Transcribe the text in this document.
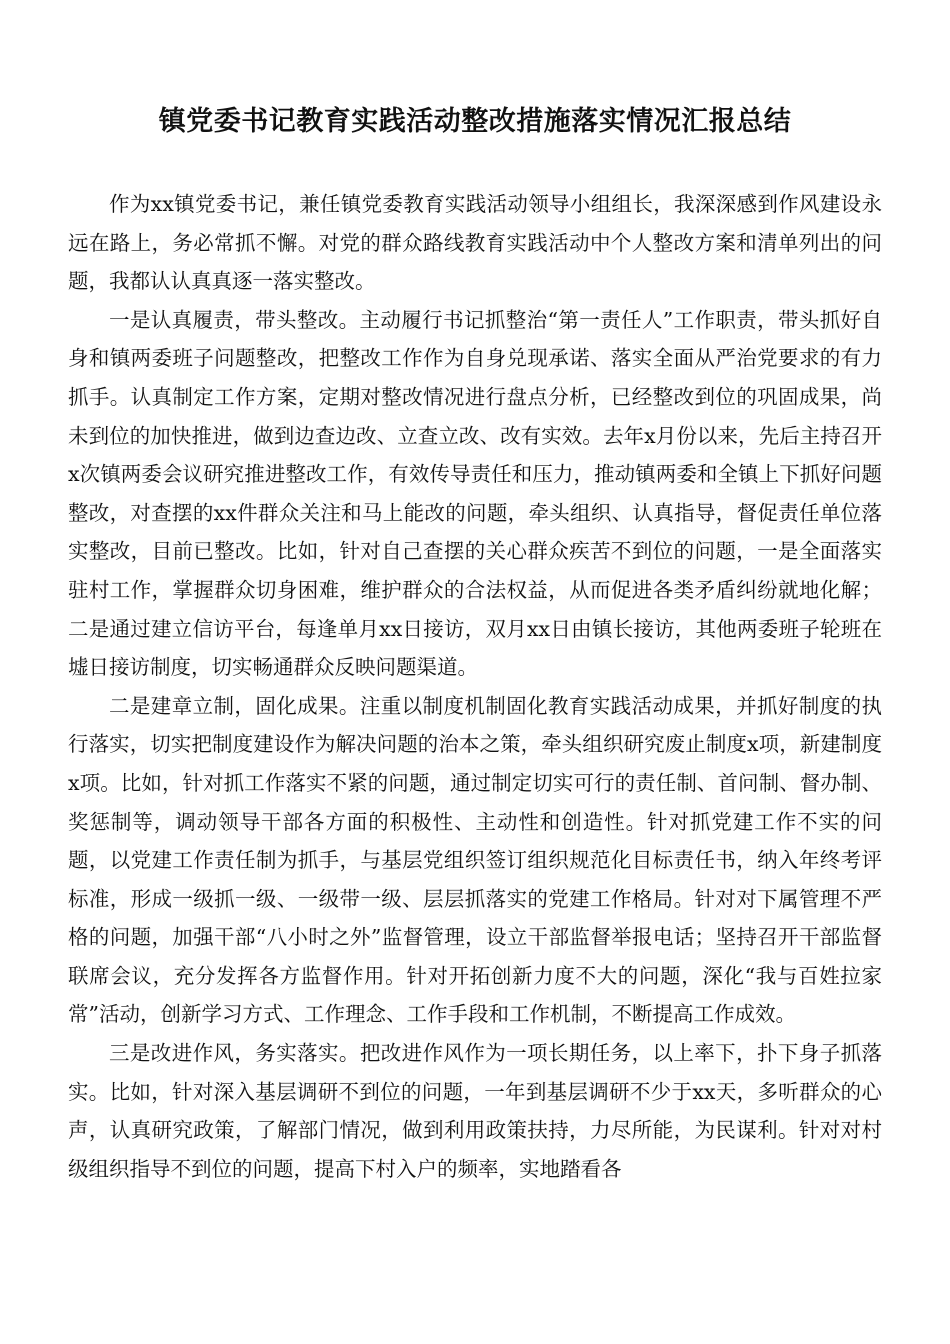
镇党委书记教育实践活动整改措施落实情况汇报总结

作为xx镇党委书记，兼任镇党委教育实践活动领导小组组长，我深深感到作风建设永远在路上，务必常抓不懈。对党的群众路线教育实践活动中个人整改方案和清单列出的问题，我都认认真真逐一落实整改。

一是认真履责，带头整改。主动履行书记抓整治“第一责任人”工作职责，带头抓好自身和镇两委班子问题整改，把整改工作作为自身兑现承诺、落实全面从严治党要求的有力抓手。认真制定工作方案，定期对整改情况进行盘点分析，已经整改到位的巩固成果，尚未到位的加快推进，做到边查边改、立查立改、改有实效。去年x月份以来，先后主持召开x次镇两委会议研究推进整改工作，有效传导责任和压力，推动镇两委和全镇上下抓好问题整改，对查摆的xx件群众关注和马上能改的问题，牵头组织、认真指导，督促责任单位落实整改，目前已整改。比如，针对自己查摆的关心群众疾苦不到位的问题，一是全面落实驻村工作，掌握群众切身困难，维护群众的合法权益，从而促进各类矛盾纠纷就地化解；二是通过建立信访平台，每逢单月xx日接访，双月xx日由镇长接访，其他两委班子轮班在墟日接访制度，切实畅通群众反映问题渠道。

二是建章立制，固化成果。注重以制度机制固化教育实践活动成果，并抓好制度的执行落实，切实把制度建设作为解决问题的治本之策，牵头组织研究废止制度x项，新建制度x项。比如，针对抓工作落实不紧的问题，通过制定切实可行的责任制、首问制、督办制、奖惩制等，调动领导干部各方面的积极性、主动性和创造性。针对抓党建工作不实的问题，以党建工作责任制为抓手，与基层党组织签订组织规范化目标责任书，纳入年终考评标准，形成一级抓一级、一级带一级、层层抓落实的党建工作格局。针对对下属管理不严格的问题，加强干部“八小时之外”监督管理，设立干部监督举报电话；坚持召开干部监督联席会议，充分发挥各方监督作用。针对开拓创新力度不大的问题，深化“我与百姓拉家常”活动，创新学习方式、工作理念、工作手段和工作机制，不断提高工作成效。

三是改进作风，务实落实。把改进作风作为一项长期任务，以上率下，扑下身子抓落实。比如，针对深入基层调研不到位的问题，一年到基层调研不少于xx天，多听群众的心声，认真研究政策，了解部门情况，做到利用政策扶持，力尽所能，为民谋利。针对对村级组织指导不到位的问题，提高下村入户的频率，实地踏看各
